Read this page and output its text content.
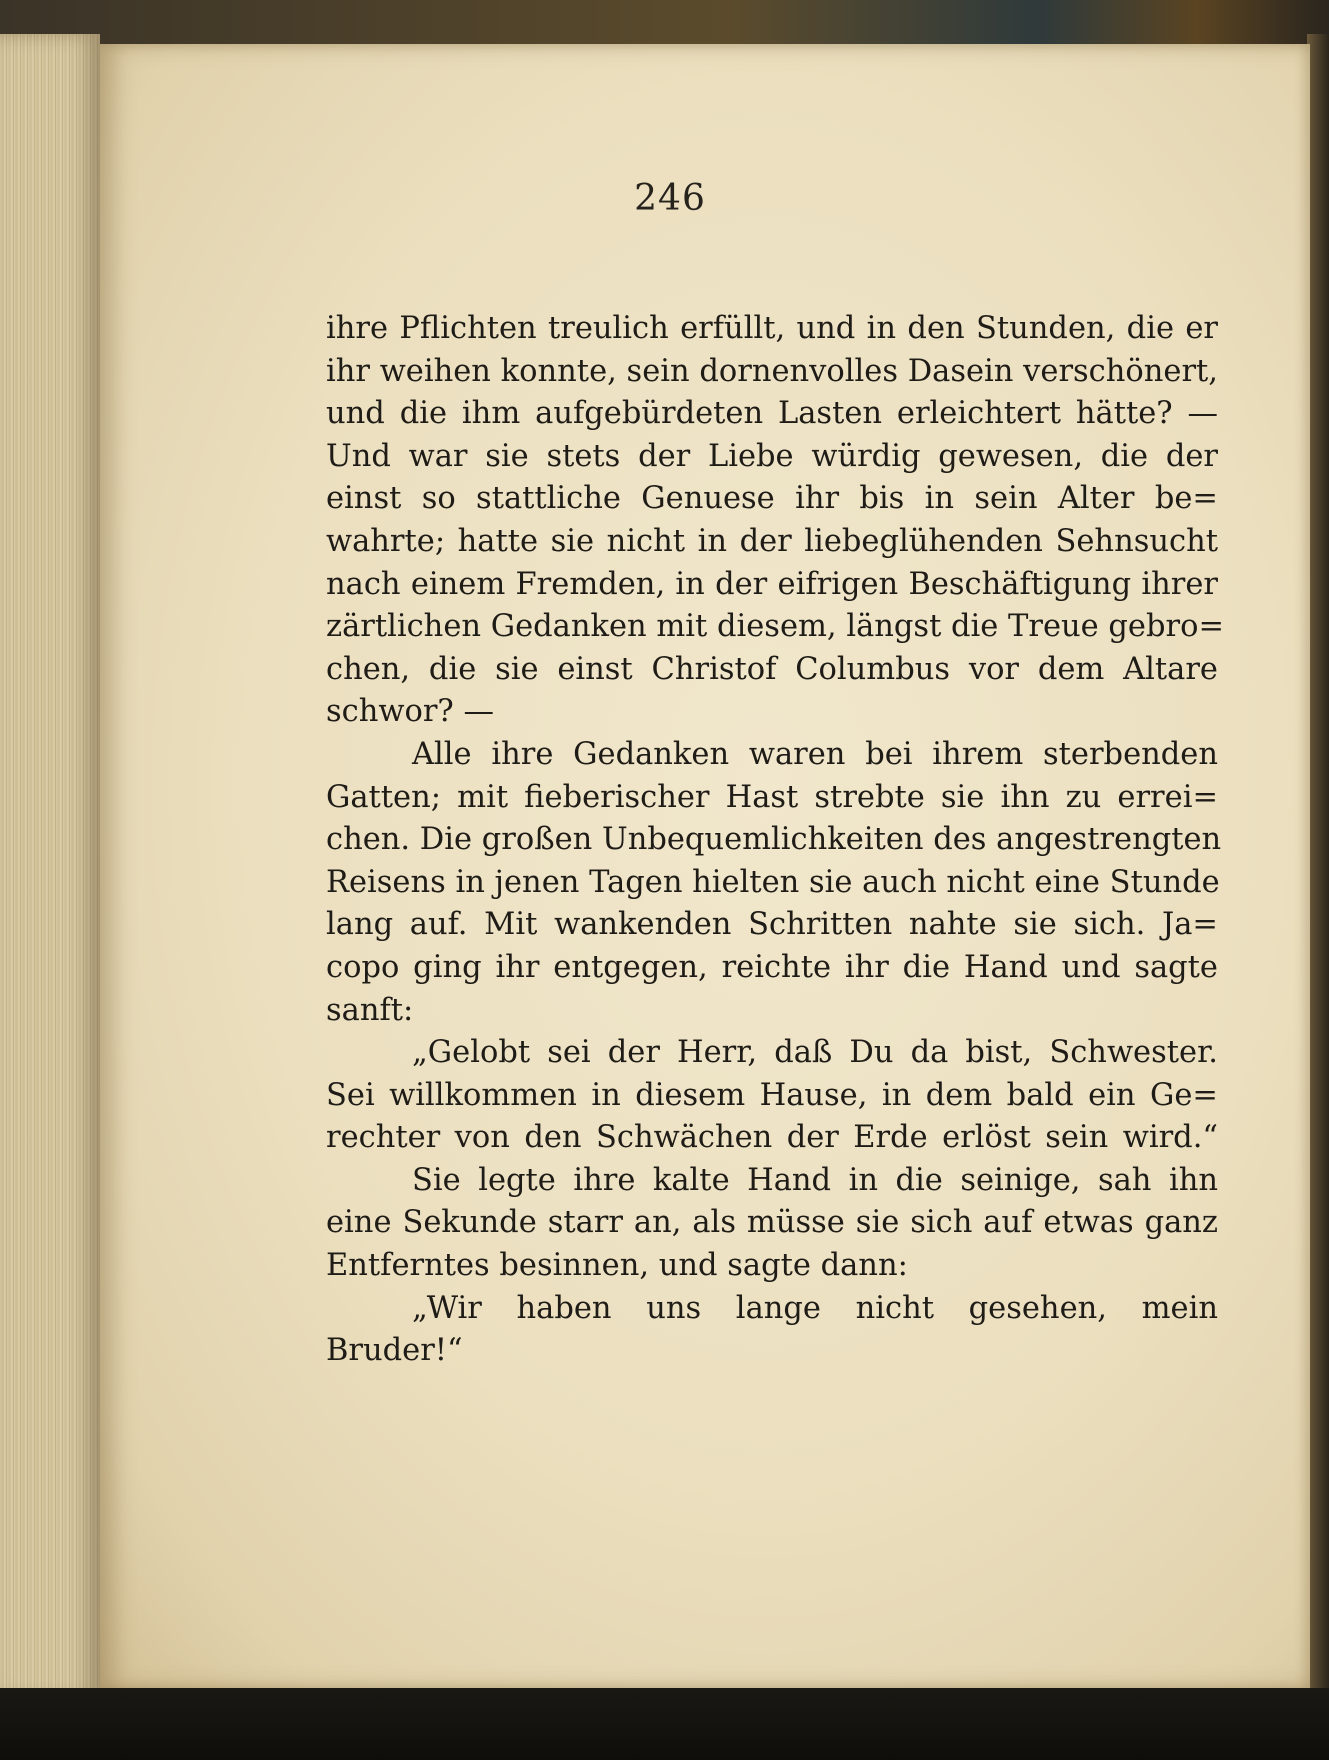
246
ihre Pflichten treulich erfüllt, und in den Stunden, die er
ihr weihen konnte, sein dornenvolles Dasein verschönert,
und die ihm aufgebürdeten Lasten erleichtert hätte? —
Und war sie stets der Liebe würdig gewesen, die der
einst so stattliche Genuese ihr bis in sein Alter be=
wahrte; hatte sie nicht in der liebeglühenden Sehnsucht
nach einem Fremden, in der eifrigen Beschäftigung ihrer
zärtlichen Gedanken mit diesem, längst die Treue gebro=
chen, die sie einst Christof Columbus vor dem Altare
schwor? —
Alle ihre Gedanken waren bei ihrem sterbenden
Gatten; mit fieberischer Hast strebte sie ihn zu errei=
chen. Die großen Unbequemlichkeiten des angestrengten
Reisens in jenen Tagen hielten sie auch nicht eine Stunde
lang auf. Mit wankenden Schritten nahte sie sich. Ja=
copo ging ihr entgegen, reichte ihr die Hand und sagte
sanft:
„Gelobt sei der Herr, daß Du da bist, Schwester.
Sei willkommen in diesem Hause, in dem bald ein Ge=
rechter von den Schwächen der Erde erlöst sein wird.“
Sie legte ihre kalte Hand in die seinige, sah ihn
eine Sekunde starr an, als müsse sie sich auf etwas ganz
Entferntes besinnen, und sagte dann:
„Wir haben uns lange nicht gesehen, mein
Bruder!“
